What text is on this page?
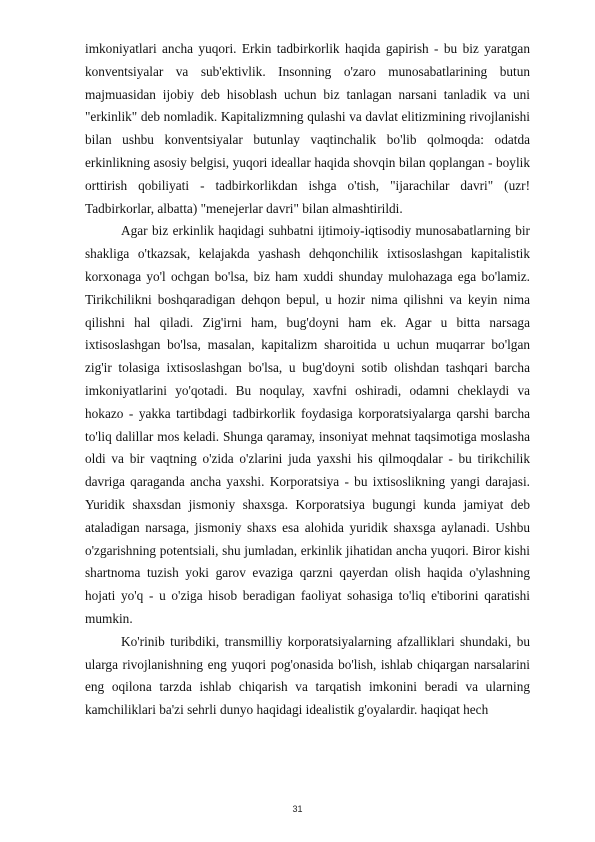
imkoniyatlari ancha yuqori. Erkin tadbirkorlik haqida gapirish - bu biz yaratgan konventsiyalar va sub'ektivlik. Insonning o'zaro munosabatlarining butun majmuasidan ijobiy deb hisoblash uchun biz tanlagan narsani tanladik va uni "erkinlik" deb nomladik. Kapitalizmning qulashi va davlat elitizmining rivojlanishi bilan ushbu konventsiyalar butunlay vaqtinchalik bo'lib qolmoqda: odatda erkinlikning asosiy belgisi, yuqori ideallar haqida shovqin bilan qoplangan - boylik orttirish qobiliyati - tadbirkorlikdan ishga o'tish, "ijarachilar davri" (uzr! Tadbirkorlar, albatta) "menejerlar davri" bilan almashtirildi.

Agar biz erkinlik haqidagi suhbatni ijtimoiy-iqtisodiy munosabatlarning bir shakliga o'tkazsak, kelajakda yashash dehqonchilik ixtisoslashgan kapitalistik korxonaga yo'l ochgan bo'lsa, biz ham xuddi shunday mulohazaga ega bo'lamiz. Tirikchilikni boshqaradigan dehqon bepul, u hozir nima qilishni va keyin nima qilishni hal qiladi. Zig'irni ham, bug'doyni ham ek. Agar u bitta narsaga ixtisoslashgan bo'lsa, masalan, kapitalizm sharoitida u uchun muqarrar bo'lgan zig'ir tolasiga ixtisoslashgan bo'lsa, u bug'doyni sotib olishdan tashqari barcha imkoniyatlarini yo'qotadi. Bu noqulay, xavfni oshiradi, odamni cheklaydi va hokazo - yakka tartibdagi tadbirkorlik foydasiga korporatsiyalarga qarshi barcha to'liq dalillar mos keladi. Shunga qaramay, insoniyat mehnat taqsimotiga moslasha oldi va bir vaqtning o'zida o'zlarini juda yaxshi his qilmoqdalar - bu tirikchilik davriga qaraganda ancha yaxshi. Korporatsiya - bu ixtisoslikning yangi darajasi. Yuridik shaxsdan jismoniy shaxsga. Korporatsiya bugungi kunda jamiyat deb ataladigan narsaga, jismoniy shaxs esa alohida yuridik shaxsga aylanadi. Ushbu o'zgarishning potentsiali, shu jumladan, erkinlik jihatidan ancha yuqori. Biror kishi shartnoma tuzish yoki garov evaziga qarzni qayerdan olish haqida o'ylashning hojati yo'q - u o'ziga hisob beradigan faoliyat sohasiga to'liq e'tiborini qaratishi mumkin.

Ko'rinib turibdiki, transmilliy korporatsiyalarning afzalliklari shundaki, bu ularga rivojlanishning eng yuqori pog'onasida bo'lish, ishlab chiqargan narsalarini eng oqilona tarzda ishlab chiqarish va tarqatish imkonini beradi va ularning kamchiliklari ba'zi sehrli dunyo haqidagi idealistik g'oyalardir. haqiqat hech

31
